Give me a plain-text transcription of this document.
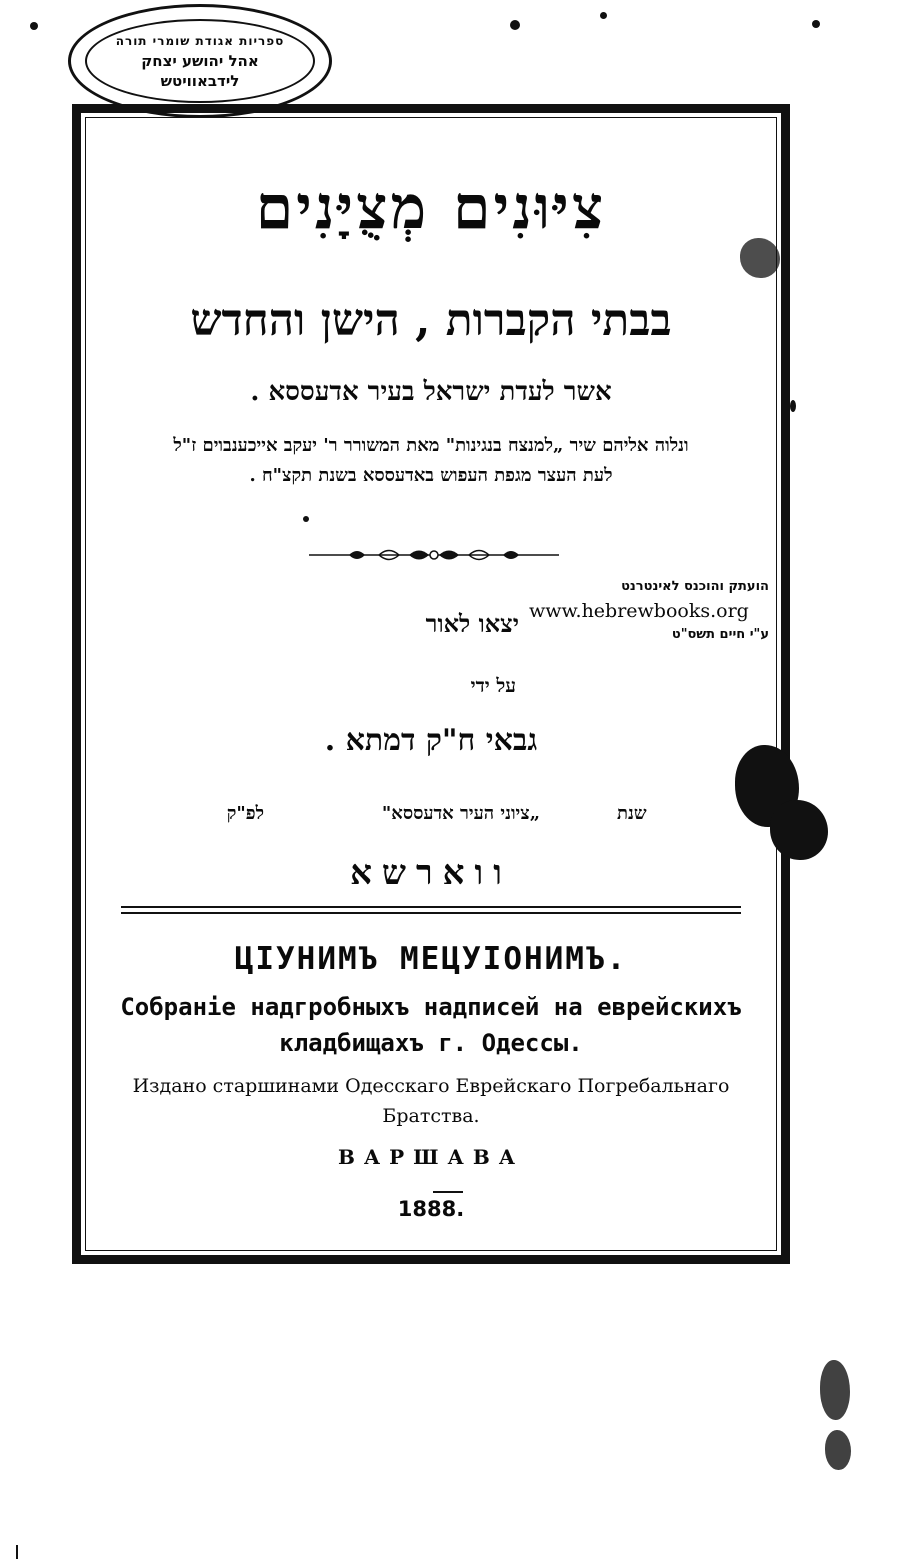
ספריות אגודת שומרי תורה
אהל יהושע יצחק
לידבאוויטש
צִיּוּנִים מְצֻיָּנִים
בבתי הקברות , הישן והחדש
אשר לעדת ישראל בעיר אדעססא .
ונלוה אליהם שיר „למנצח בנגינות" מאת המשורר ר' יעקב אייכענבוים ז"ל
לעת העצר מגפת העפוש באדעססא בשנת תקצ"ח .
הועתק והוכנס לאינטרנט
www.hebrewbooks.org
ע"י חיים תשס"ט
יצאו לאור
על ידי
גבאי ח"ק דמתא .
שנת
„ציוני העיר אדעססא"
לפ"ק
ווארשא
ЦIУНИМЪ МЕЦУIОНИМЪ.
Собраніе надгробныхъ надписей на еврейскихъ
кладбищахъ г. Одессы.
Издано старшинами Одесскаго Еврейскаго Погребальнаго
Братства.
ВАРШАВА
1888.
